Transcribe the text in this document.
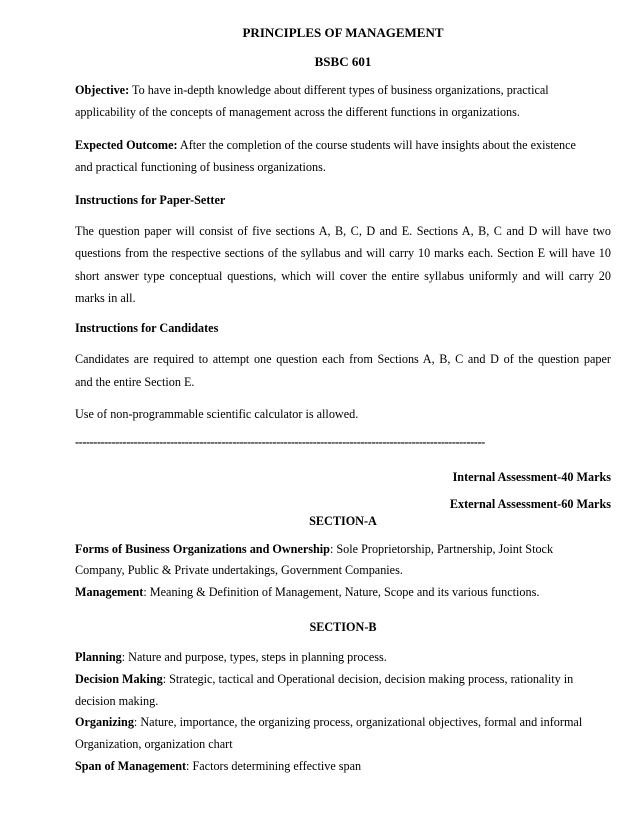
PRINCIPLES OF MANAGEMENT
BSBC 601
Objective: To have in-depth knowledge about different types of business organizations, practical
applicability of the concepts of management across the different functions in organizations.
Expected Outcome: After the completion of the course students will have insights about the existence
and practical functioning of business organizations.
Instructions for Paper-Setter
The question paper will consist of five sections A, B, C, D and E. Sections A, B, C and D will have two
questions from the respective sections of the syllabus and will carry 10 marks each. Section E will have 10
short answer type conceptual questions, which will cover the entire syllabus uniformly and will carry 20
marks in all.
Instructions for Candidates
Candidates are required to attempt one question each from Sections A, B, C and D of the question paper
and the entire Section E.
Use of non-programmable scientific calculator is allowed.
----------------------------------------------------------------------------------------------------------------
Internal Assessment-40 Marks
External Assessment-60 Marks
SECTION-A
Forms of Business Organizations and Ownership: Sole Proprietorship, Partnership, Joint Stock
Company, Public & Private undertakings, Government Companies.
Management: Meaning & Definition of Management, Nature, Scope and its various functions.
SECTION-B
Planning: Nature and purpose, types, steps in planning process.
Decision Making: Strategic, tactical and Operational decision, decision making process, rationality in
decision making.
Organizing: Nature, importance, the organizing process, organizational objectives, formal and informal
Organization, organization chart
Span of Management: Factors determining effective span
